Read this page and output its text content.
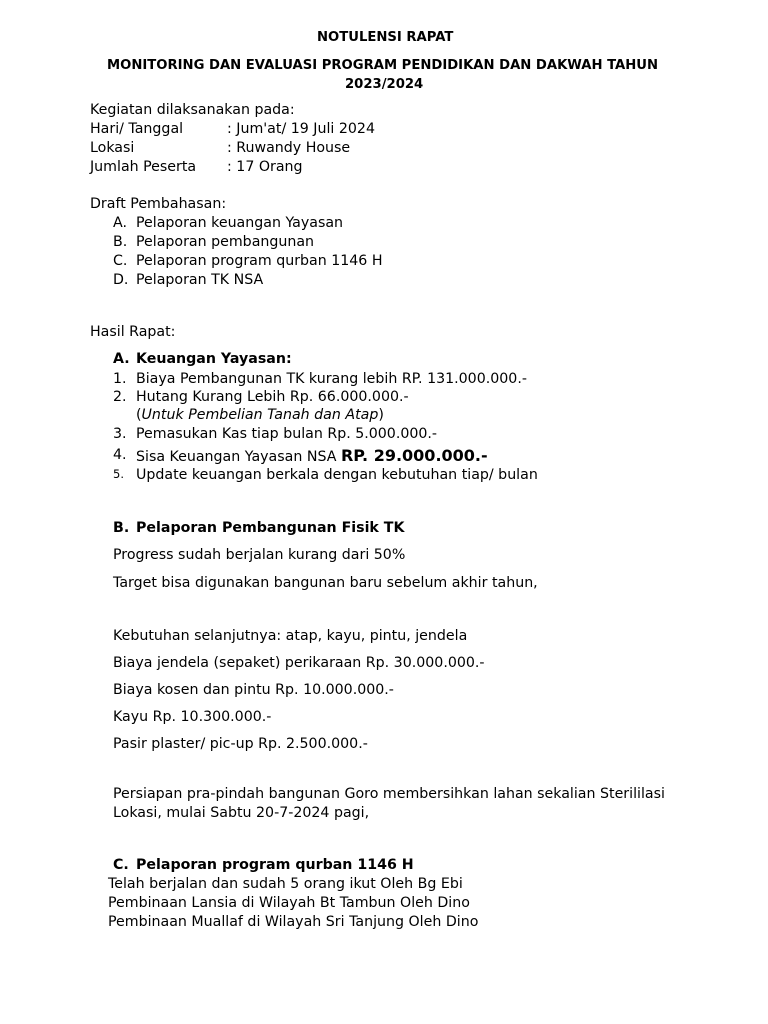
NOTULENSI RAPAT
MONITORING DAN EVALUASI PROGRAM PENDIDIKAN DAN DAKWAH TAHUN
2023/2024
Kegiatan dilaksanakan pada:
Hari/ Tanggal	: Jum'at/ 19 Juli 2024
Lokasi	: Ruwandy House
Jumlah Peserta : 17 Orang
Draft Pembahasan:
A. Pelaporan keuangan Yayasan
B. Pelaporan pembangunan
C. Pelaporan program qurban 1146 H
D. Pelaporan TK NSA
Hasil Rapat:
A. Keuangan Yayasan:
1. Biaya Pembangunan TK kurang lebih RP. 131.000.000.-
2. Hutang Kurang Lebih Rp. 66.000.000.-
(Untuk Pembelian Tanah dan Atap)
3. Pemasukan Kas tiap bulan Rp. 5.000.000.-
4. Sisa Keuangan Yayasan NSA RP. 29.000.000.-
5. Update keuangan berkala dengan kebutuhan tiap/ bulan
B. Pelaporan Pembangunan Fisik TK
Progress sudah berjalan kurang dari 50%
Target bisa digunakan bangunan baru sebelum akhir tahun,
Kebutuhan selanjutnya: atap, kayu, pintu, jendela
Biaya jendela (sepaket) perikaraan Rp. 30.000.000.-
Biaya kosen dan pintu Rp. 10.000.000.-
Kayu Rp. 10.300.000.-
Pasir plaster/ pic-up Rp. 2.500.000.-
Persiapan pra-pindah bangunan Goro membersihkan lahan sekalian Sterililasi
Lokasi, mulai Sabtu 20-7-2024 pagi,
C. Pelaporan program qurban 1146 H
Telah berjalan dan sudah 5 orang ikut Oleh Bg Ebi
Pembinaan Lansia di Wilayah Bt Tambun Oleh Dino
Pembinaan Muallaf di Wilayah Sri Tanjung Oleh Dino
